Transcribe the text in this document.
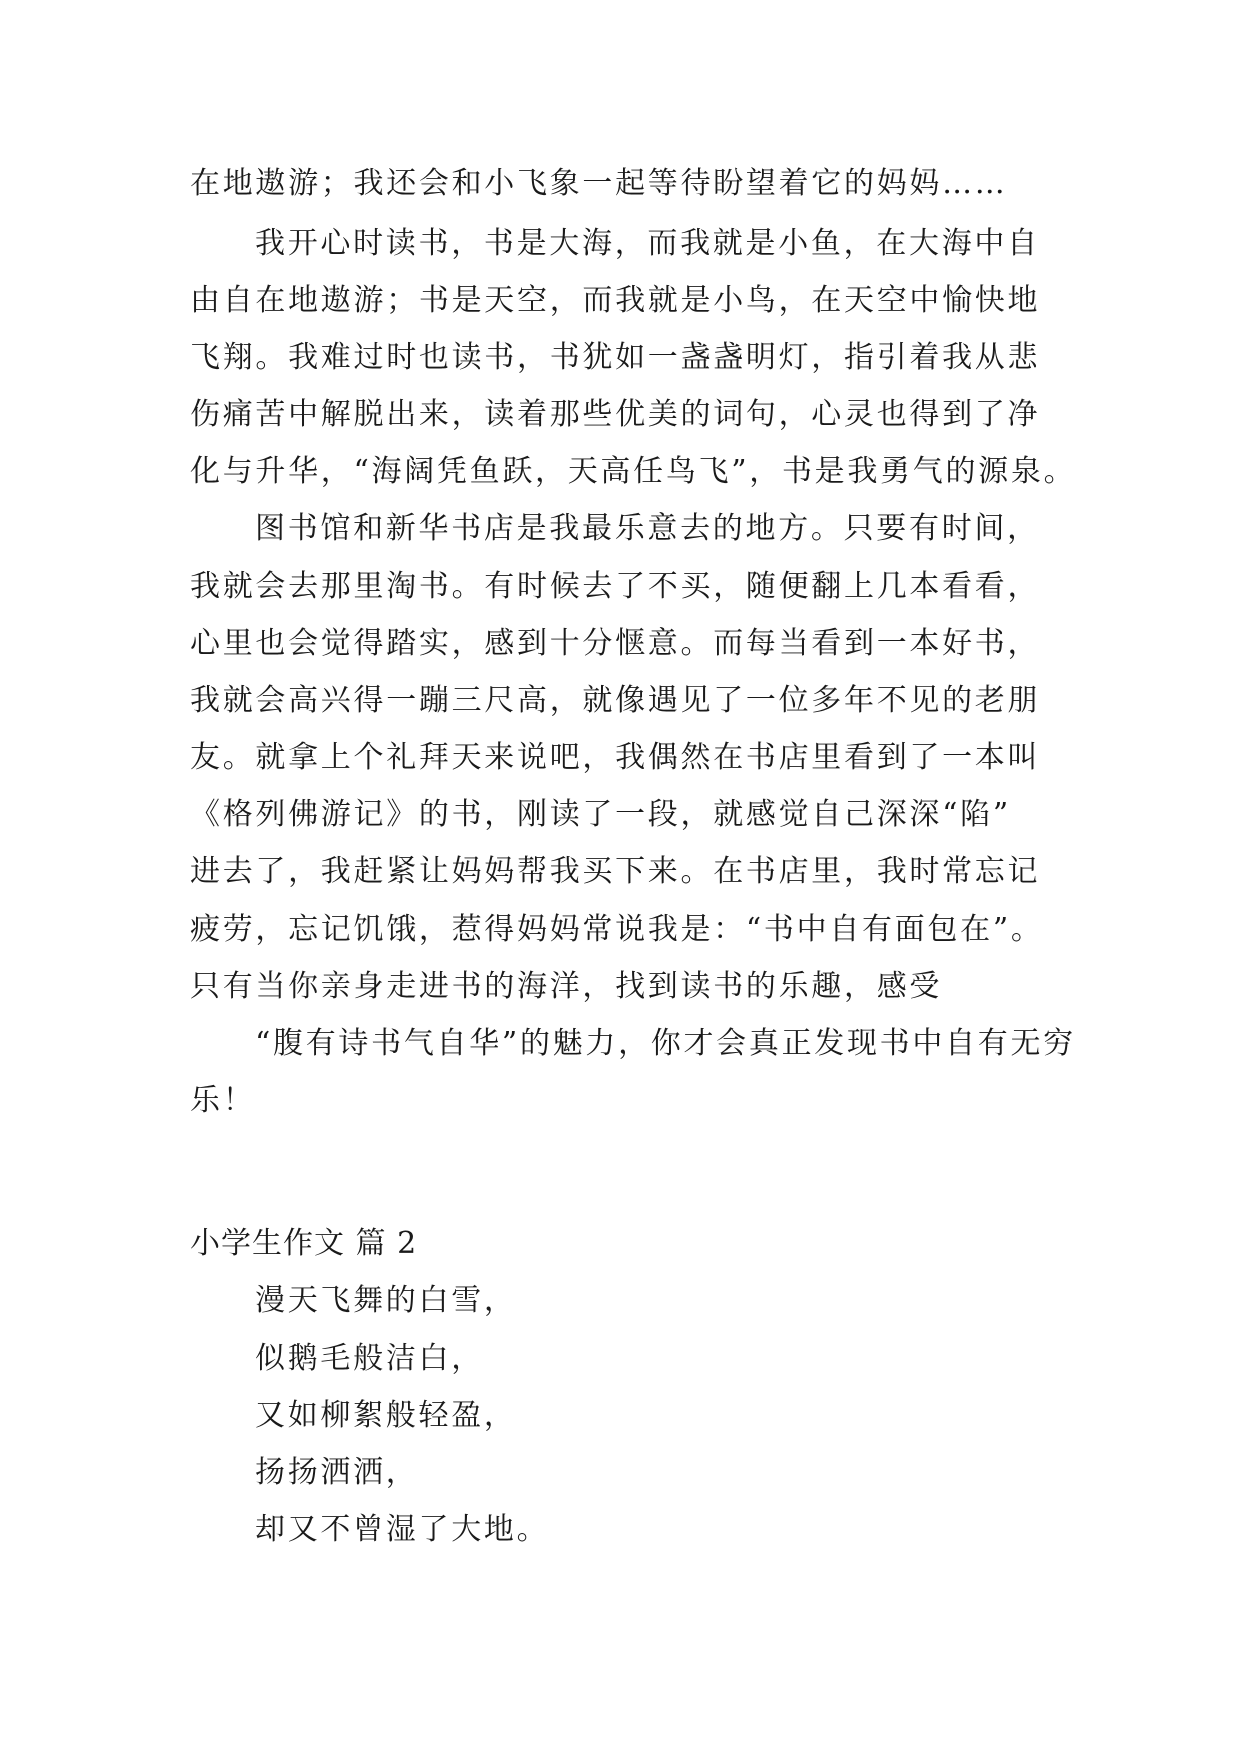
在地遨游；我还会和小飞象一起等待盼望着它的妈妈……
我开心时读书，书是大海，而我就是小鱼，在大海中自
由自在地遨游；书是天空，而我就是小鸟，在天空中愉快地
飞翔。我难过时也读书，书犹如一盏盏明灯，指引着我从悲
伤痛苦中解脱出来，读着那些优美的词句，心灵也得到了净
化与升华，“海阔凭鱼跃，天高任鸟飞”，书是我勇气的源泉。
图书馆和新华书店是我最乐意去的地方。只要有时间，
我就会去那里淘书。有时候去了不买，随便翻上几本看看，
心里也会觉得踏实，感到十分惬意。而每当看到一本好书，
我就会高兴得一蹦三尺高，就像遇见了一位多年不见的老朋
友。就拿上个礼拜天来说吧，我偶然在书店里看到了一本叫
《格列佛游记》的书，刚读了一段，就感觉自己深深“陷”
进去了，我赶紧让妈妈帮我买下来。在书店里，我时常忘记
疲劳，忘记饥饿，惹得妈妈常说我是：“书中自有面包在”。
只有当你亲身走进书的海洋，找到读书的乐趣，感受
“腹有诗书气自华”的魅力，你才会真正发现书中自有无穷
乐！
小学生作文 篇 2
漫天飞舞的白雪，
似鹅毛般洁白，
又如柳絮般轻盈，
扬扬洒洒，
却又不曾湿了大地。
